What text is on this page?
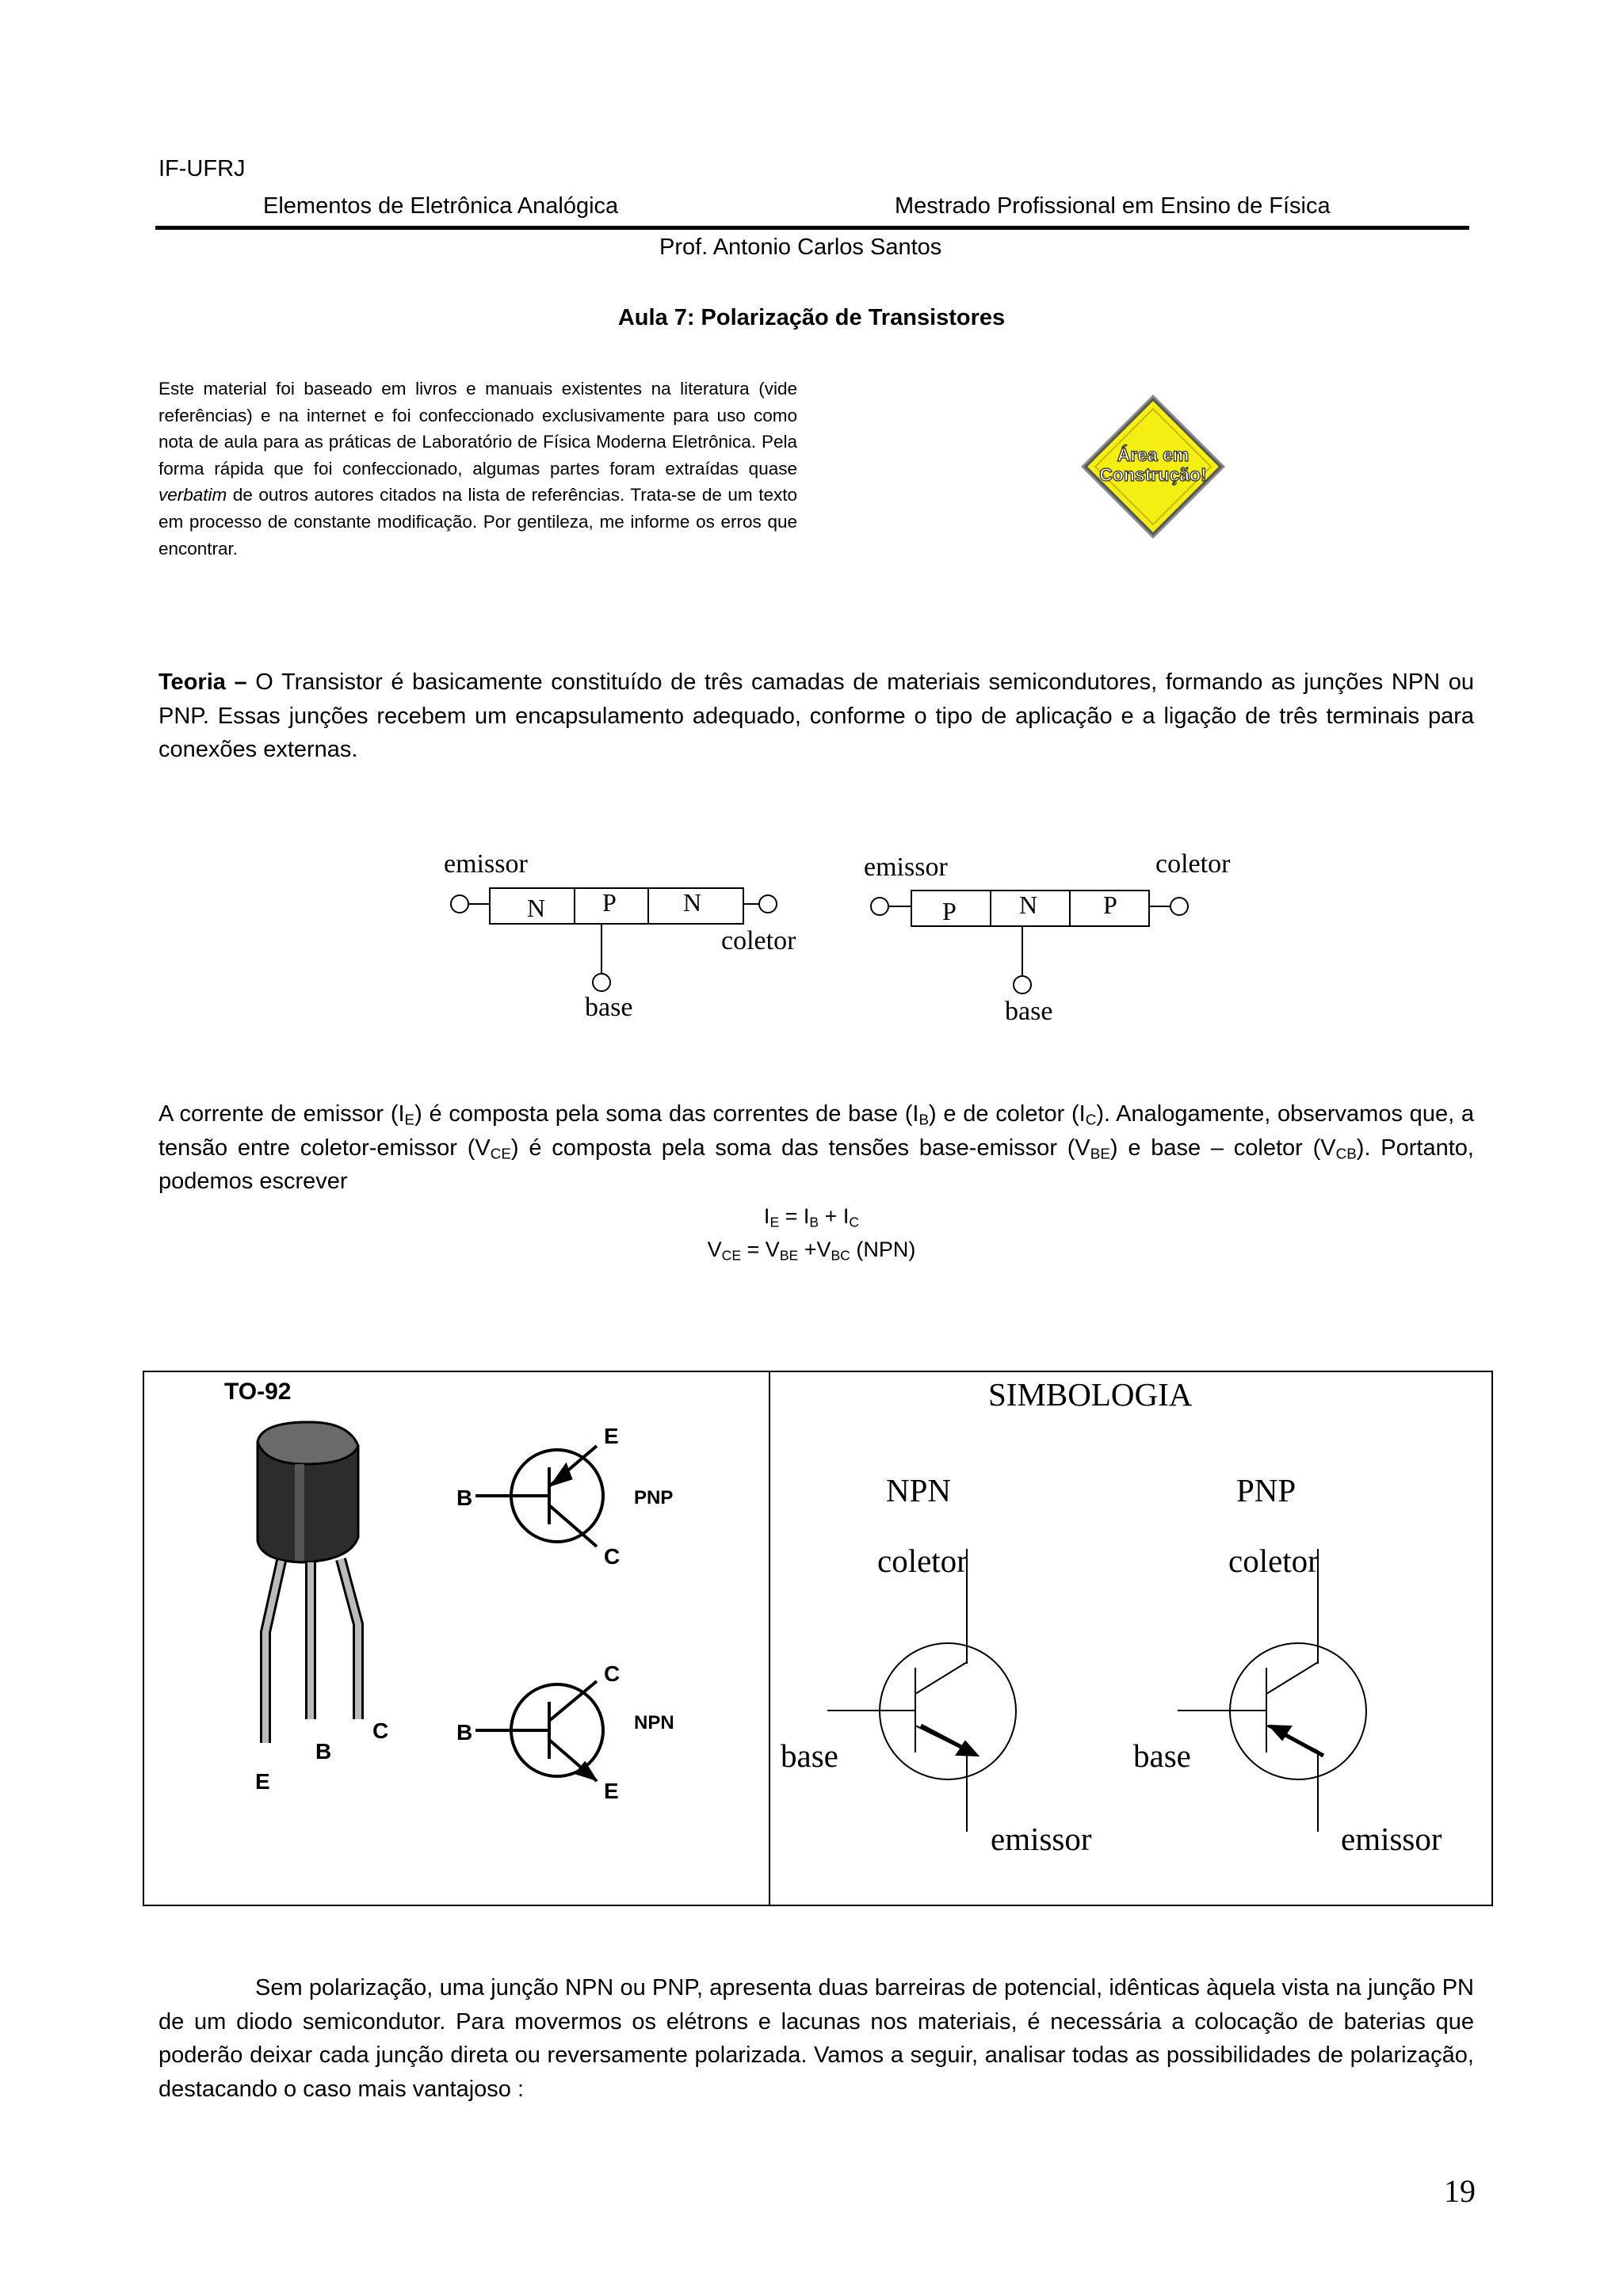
IF-UFRJ
Elementos de Eletrônica Analógica	Mestrado Profissional em Ensino de Física
Prof. Antonio Carlos Santos
Aula 7: Polarização de Transistores
Este material foi baseado em livros e manuais existentes na literatura (vide referências) e na internet e foi confeccionado exclusivamente para uso como nota de aula para as práticas de Laboratório de Física Moderna Eletrônica. Pela forma rápida que foi confeccionado, algumas partes foram extraídas quase verbatim de outros autores citados na lista de referências. Trata-se de um texto em processo de constante modificação. Por gentileza, me informe os erros que encontrar.
Área em
Construção!
Teoria – O Transistor é basicamente constituído de três camadas de materiais semicondutores, formando as junções NPN ou PNP. Essas junções recebem um encapsulamento adequado, conforme o tipo de aplicação e a ligação de três terminais para conexões externas.
emissor
N P	N
coletor
base
emissor	coletor
P N	P
base
A corrente de emissor $(I_E)$ é composta pela soma das correntes de base $(I_B)$ e de coletor $(I_C)$. Analogamente, observamos que, a tensão entre coletor-emissor $(V_{CE})$ é composta pela soma das tensões base-emissor $(V_{BE})$ e base – coletor $(V_{CB})$. Portanto, podemos escrever
$I_E = I_B + I_C$
$V_{CE} = V_{BE} +V_{BC}$ (NPN)
TO-92
C
B
E
B
E
C
PNP
B
C
E
NPN
SIMBOLOGIA
NPN	PNP
coletor
base
emissor
coletor
base
emissor
Sem polarização, uma junção NPN ou PNP, apresenta duas barreiras de potencial, idênticas àquela vista na junção PN de um diodo semicondutor. Para movermos os elétrons e lacunas nos materiais, é necessária a colocação de baterias que poderão deixar cada junção direta ou reversamente polarizada. Vamos a seguir, analisar todas as possibilidades de polarização, destacando o caso mais vantajoso :
19
